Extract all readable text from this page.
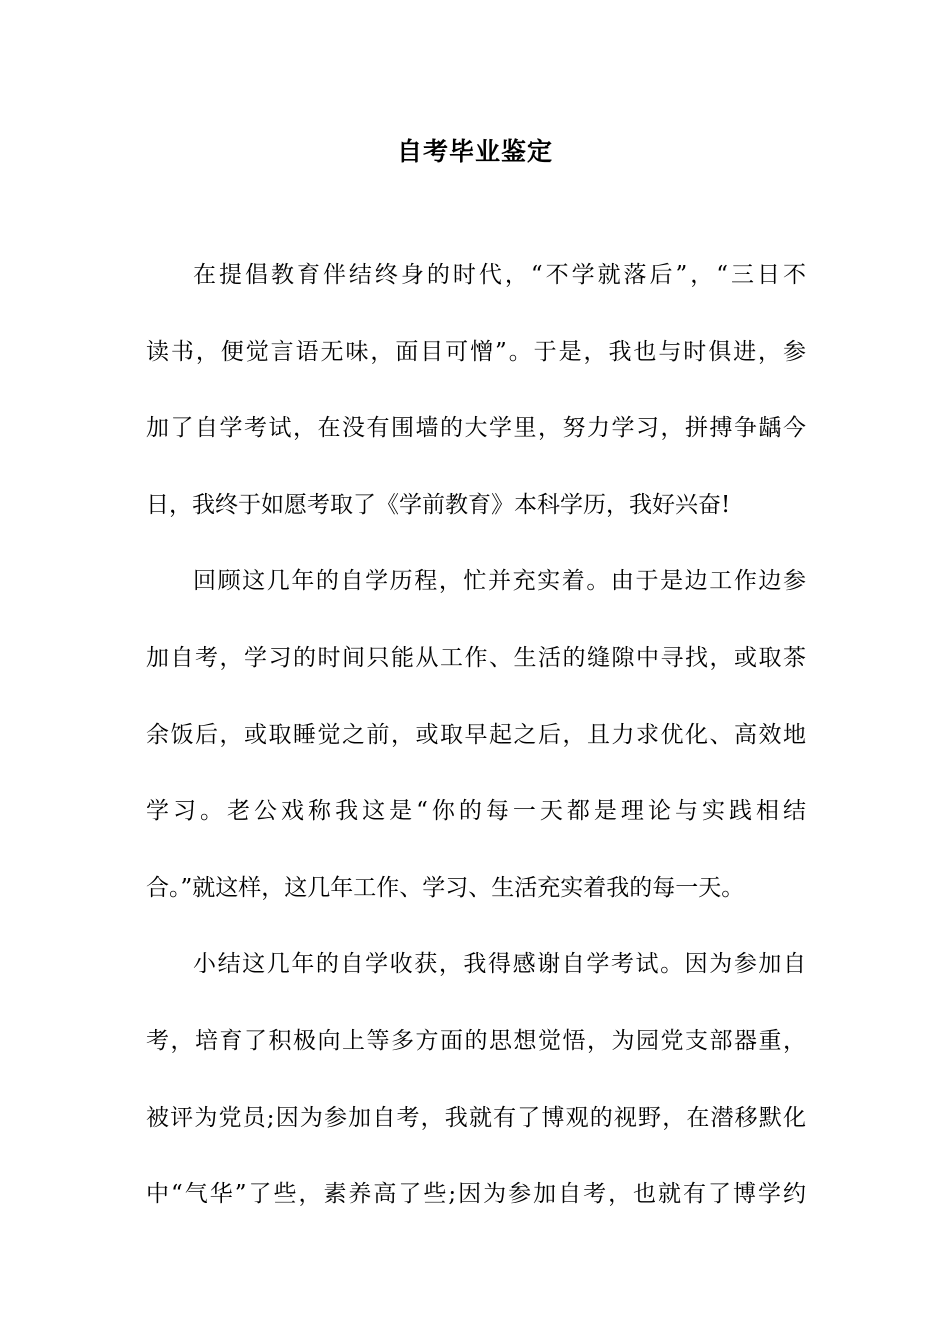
自考毕业鉴定
在提倡教育伴结终身的时代，“不学就落后”，“三日不
读书，便觉言语无味，面目可憎”。于是，我也与时俱进，参
加了自学考试，在没有围墙的大学里，努力学习，拼搏争龋今
日，我终于如愿考取了《学前教育》本科学历，我好兴奋!
回顾这几年的自学历程，忙并充实着。由于是边工作边参
加自考，学习的时间只能从工作、生活的缝隙中寻找，或取茶
余饭后，或取睡觉之前，或取早起之后，且力求优化、高效地
学习。老公戏称我这是“你的每一天都是理论与实践相结
合。”就这样，这几年工作、学习、生活充实着我的每一天。
小结这几年的自学收获，我得感谢自学考试。因为参加自
考，培育了积极向上等多方面的思想觉悟，为园党支部器重，
被评为党员;因为参加自考，我就有了博观的视野，在潜移默化
中“气华”了些，素养高了些;因为参加自考，也就有了博学约
